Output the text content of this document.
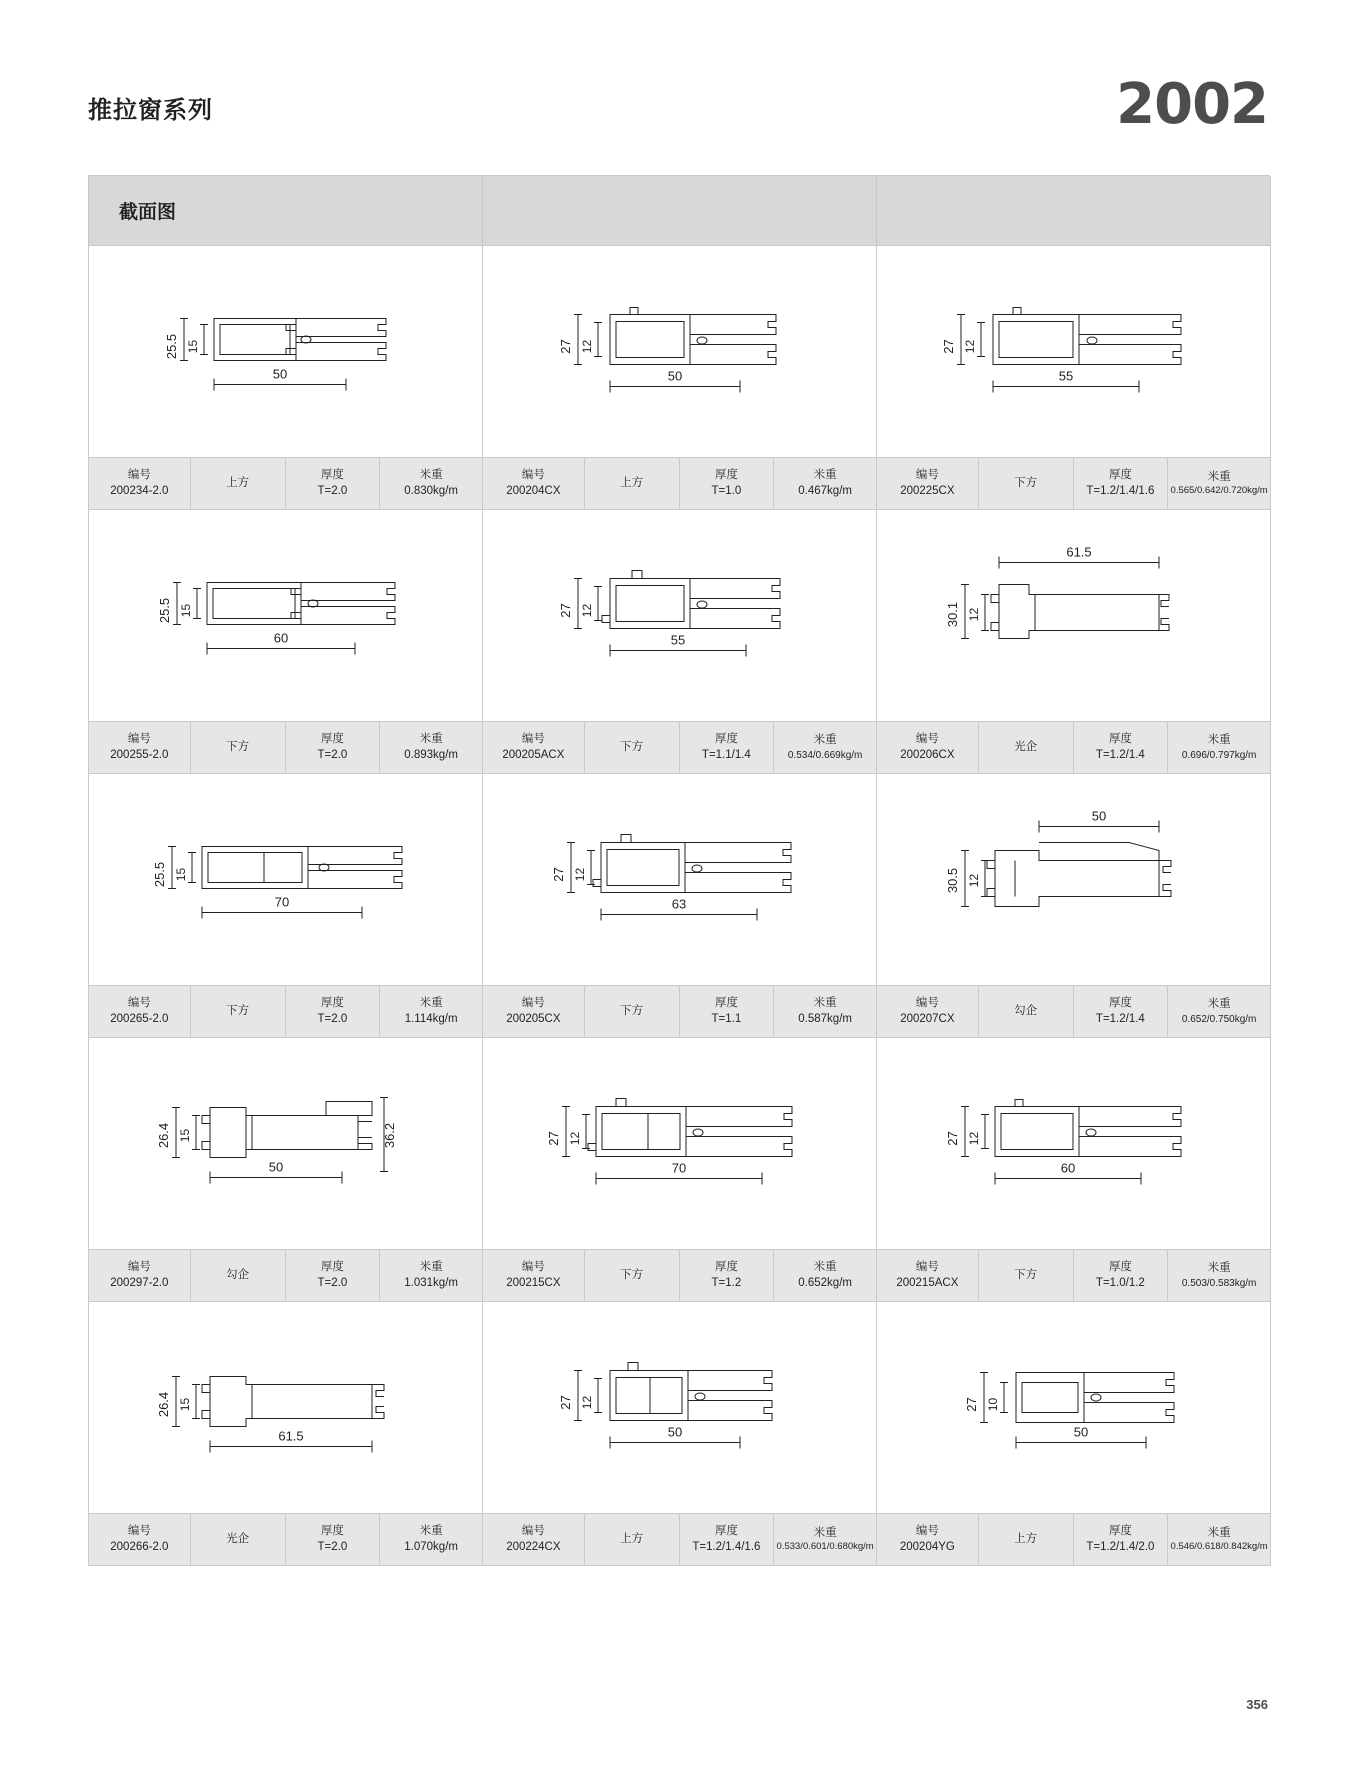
推拉窗系列	2002
截面图
25.5 15
50
27 12
50
27 12
55
编号
200234-2.0
上方
厚度
T=2.0
米重
0.830kg/m
编号
200204CX
上方
厚度
T=1.0
米重
0.467kg/m
编号
200225CX
下方
厚度
T=1.2/1.4/1.6
米重
0.565/0.642/0.720kg/m
25.5 15
60
27 12
55
61.5
30.1 12
编号
200255-2.0
下方
厚度
T=2.0
米重
0.893kg/m
编号
200205ACX
下方
厚度
T=1.1/1.4
米重
0.534/0.669kg/m
编号
200206CX
光企
厚度
T=1.2/1.4
米重
0.696/0.797kg/m
25.5 15
70
27 12
63
50
30.5 12
编号
200265-2.0
下方
厚度
T=2.0
米重
1.114kg/m
编号
200205CX
下方
厚度
T=1.1
米重
0.587kg/m
编号
200207CX
勾企
厚度
T=1.2/1.4
米重
0.652/0.750kg/m
26.4 15
50
36.2	27 12
70
27 12
60
编号
200297-2.0
勾企
厚度
T=2.0
米重
1.031kg/m
编号
200215CX
下方
厚度
T=1.2
米重
0.652kg/m
编号
200215ACX
下方
厚度
T=1.0/1.2
米重
0.503/0.583kg/m
26.4 15
61.5
27 12
50
27 10
50
编号
200266-2.0
光企
厚度
T=2.0
米重
1.070kg/m
编号
200224CX
上方
厚度
T=1.2/1.4/1.6
米重
0.533/0.601/0.680kg/m
编号
200204YG
上方
厚度
T=1.2/1.4/2.0
米重
0.546/0.618/0.842kg/m
356
